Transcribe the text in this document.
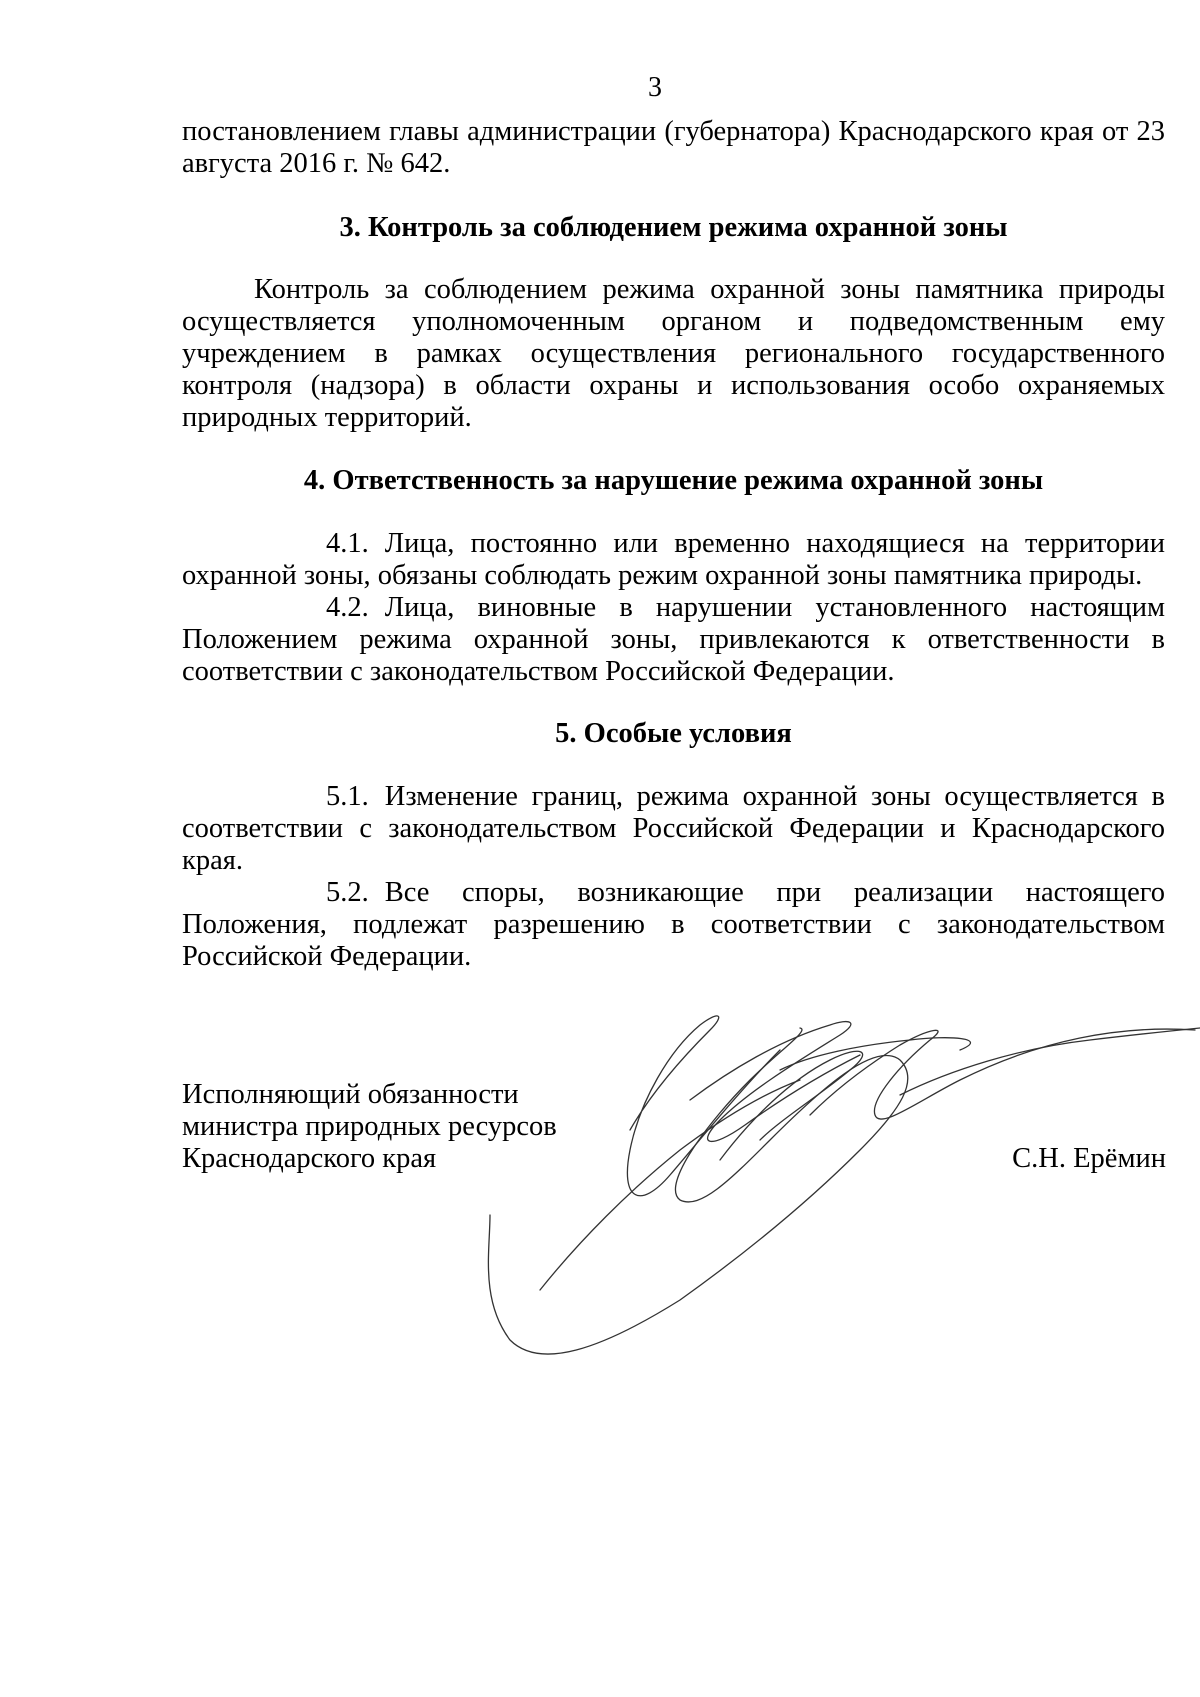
3

постановлением главы администрации (губернатора) Краснодарского края от 23 августа 2016 г. № 642.

3. Контроль за соблюдением режима охранной зоны

Контроль за соблюдением режима охранной зоны памятника природы осуществляется уполномоченным органом и подведомственным ему учреждением в рамках осуществления регионального государственного контроля (надзора) в области охраны и использования особо охраняемых природных территорий.

4. Ответственность за нарушение режима охранной зоны

4.1. Лица, постоянно или временно находящиеся на территории охранной зоны, обязаны соблюдать режим охранной зоны памятника природы.

4.2. Лица, виновные в нарушении установленного настоящим Положением режима охранной зоны, привлекаются к ответственности в соответствии с законодательством Российской Федерации.

5. Особые условия

5.1. Изменение границ, режима охранной зоны осуществляется в соответствии с законодательством Российской Федерации и Краснодарского края.

5.2. Все споры, возникающие при реализации настоящего Положения, подлежат разрешению в соответствии с законодательством Российской Федерации.

Исполняющий обязанности
министра природных ресурсов
Краснодарского края	С.Н. Ерёмин
